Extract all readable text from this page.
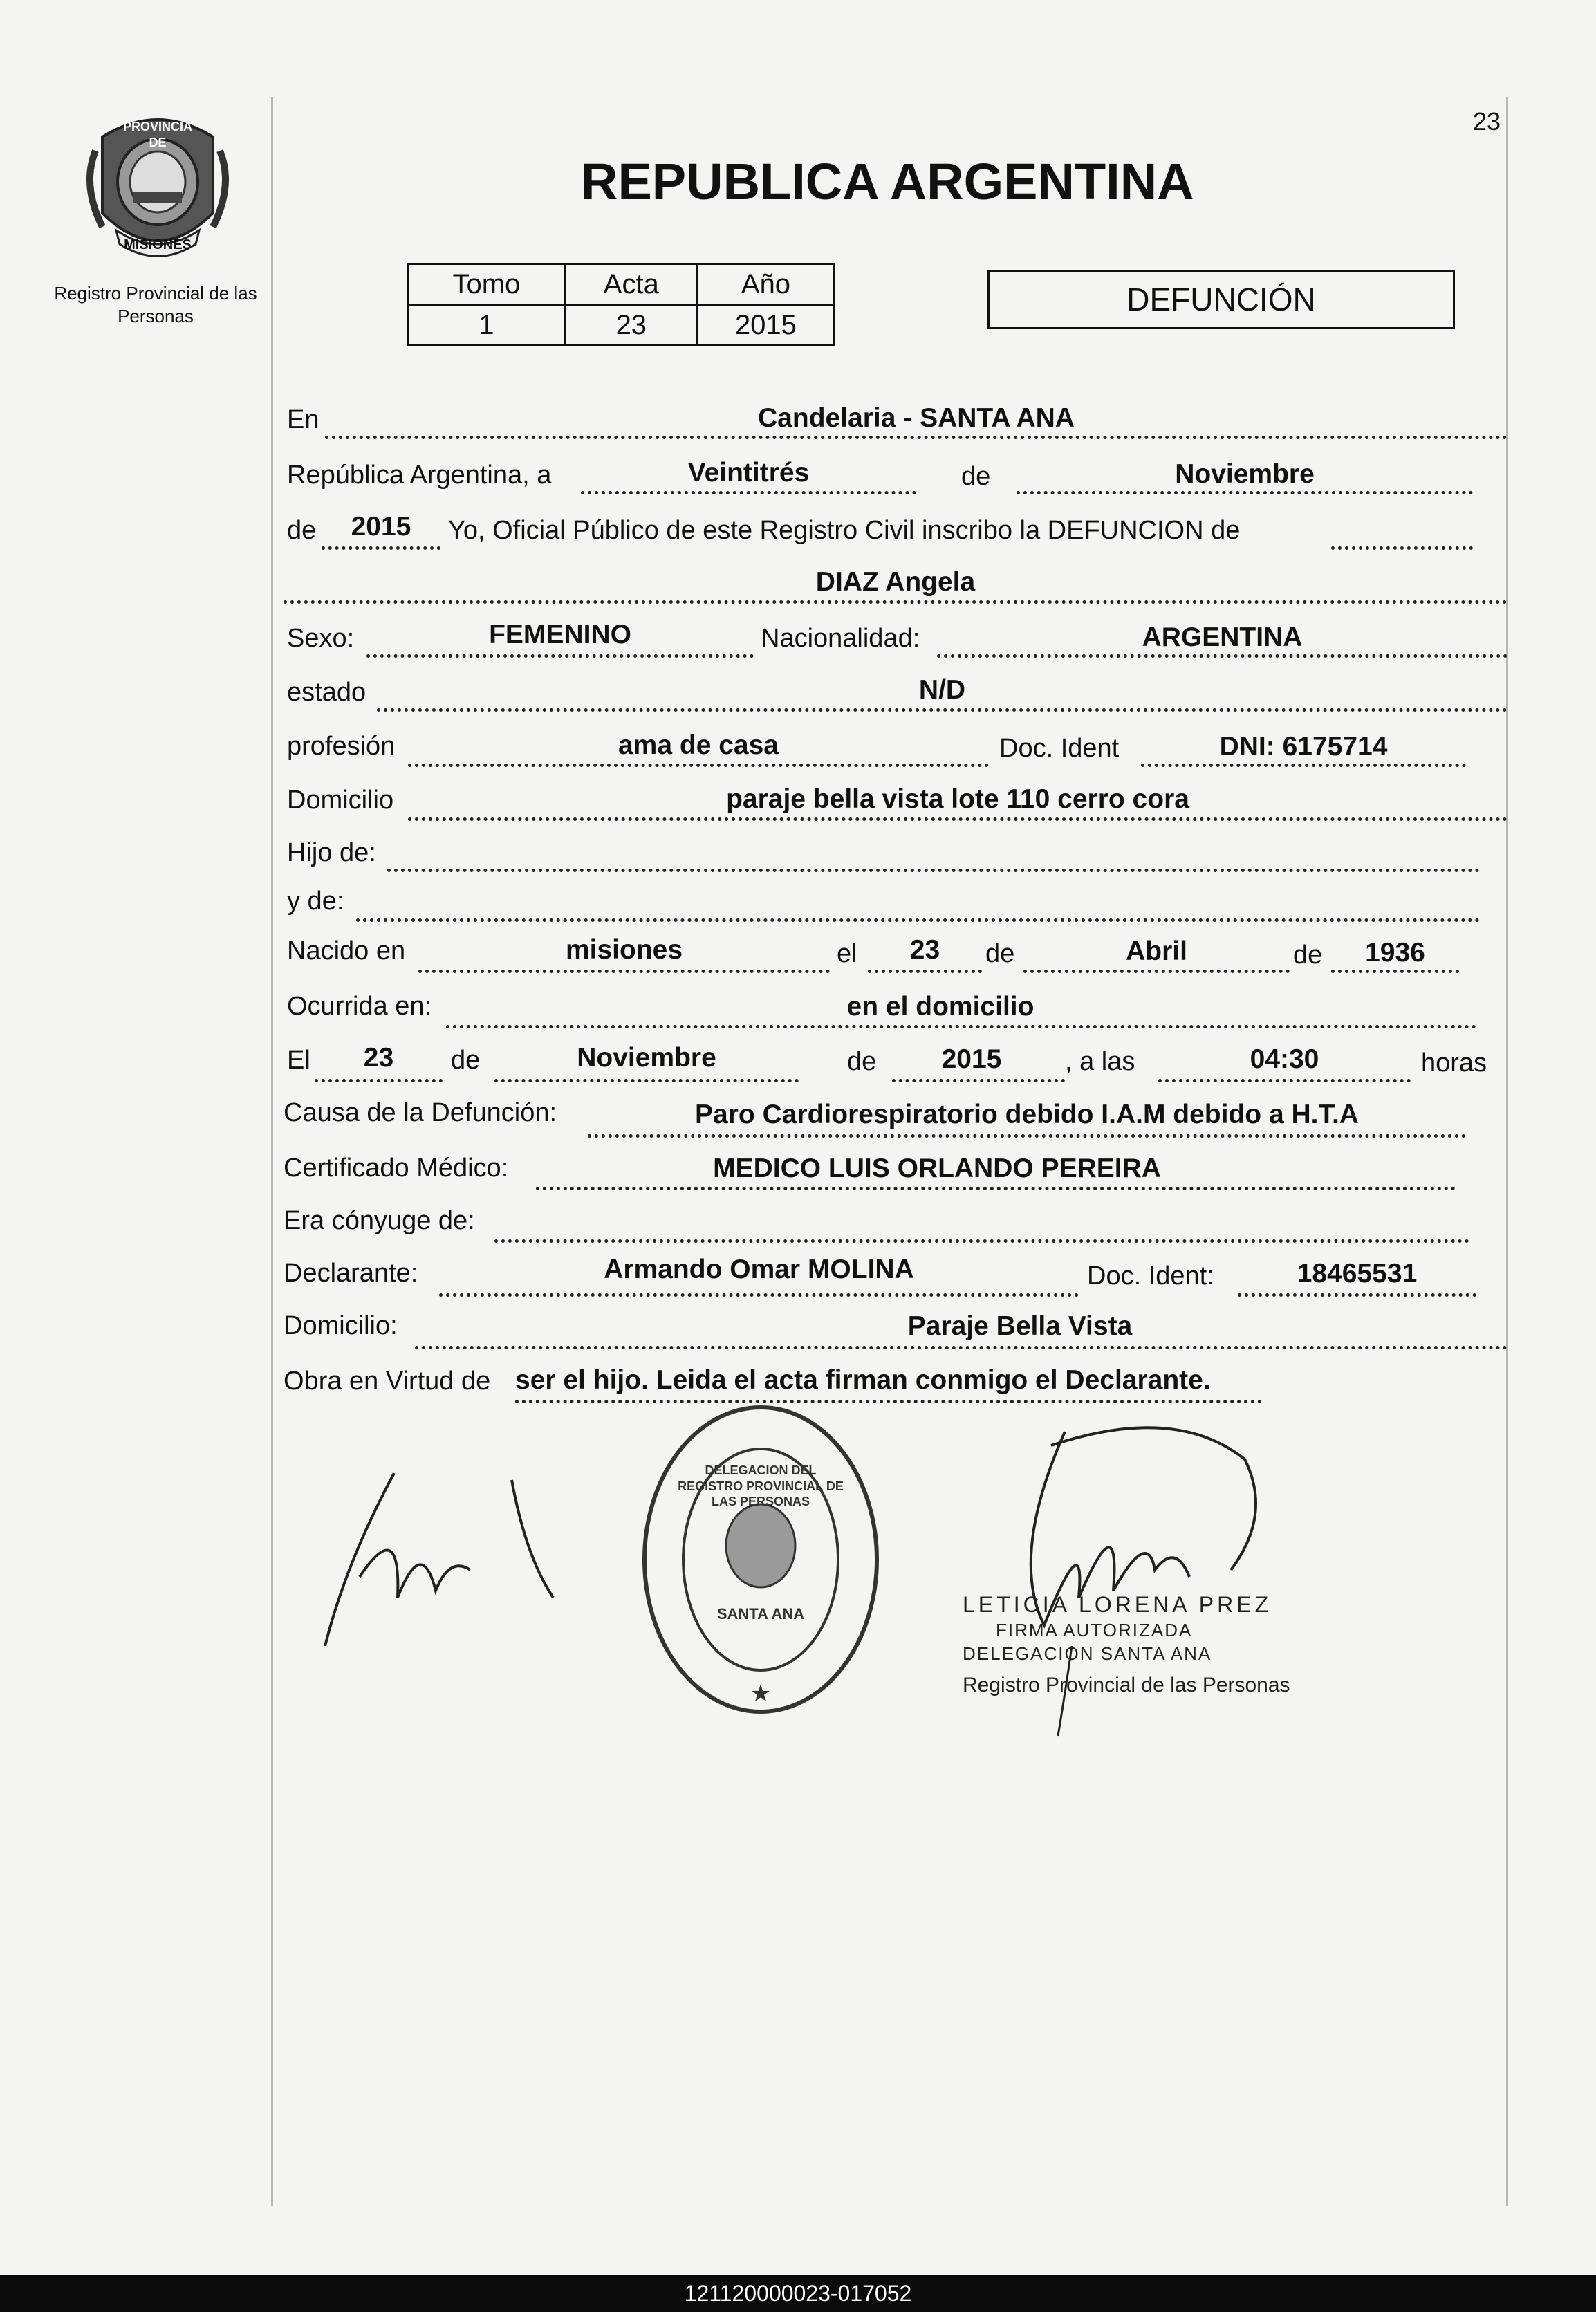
PROVINCIA DE
MISIONES
Registro Provincial de las Personas
23
REPUBLICA ARGENTINA
Tomo	Acta	Año
1	23	2015
DEFUNCIÓN
En	Candelaria - SANTA ANA
República Argentina, a	Veintitrés	de	Noviembre
de	2015	Yo, Oficial Público de este Registro Civil inscribo la DEFUNCION de
DIAZ Angela
Sexo:	FEMENINO	Nacionalidad:	ARGENTINA
estado	N/D
profesión	ama de casa	Doc. Ident	DNI: 6175714
Domicilio	paraje bella vista lote 110 cerro cora
Hijo de:
y de:
Nacido en	misiones	el	23	de	Abril	de	1936
Ocurrida en:	en el domicilio
El	23	de	Noviembre	de	2015	, a las	04:30	horas
Causa de la Defunción:	Paro Cardiorespiratorio debido I.A.M debido a H.T.A
Certificado Médico:	MEDICO LUIS ORLANDO PEREIRA
Era cónyuge de:
Declarante:	Armando Omar MOLINA	Doc. Ident:	18465531
Domicilio:	Paraje Bella Vista
Obra en Virtud de ser el hijo. Leida el acta firman conmigo el Declarante.
★
DELEGACION DEL REGISTRO PROVINCIAL DE LAS PERSONAS
SANTA ANA	LETICIA LORENA PREZ
FIRMA AUTORIZADA
DELEGACION SANTA ANA
Registro Provincial de las Personas
121120000023-017052
